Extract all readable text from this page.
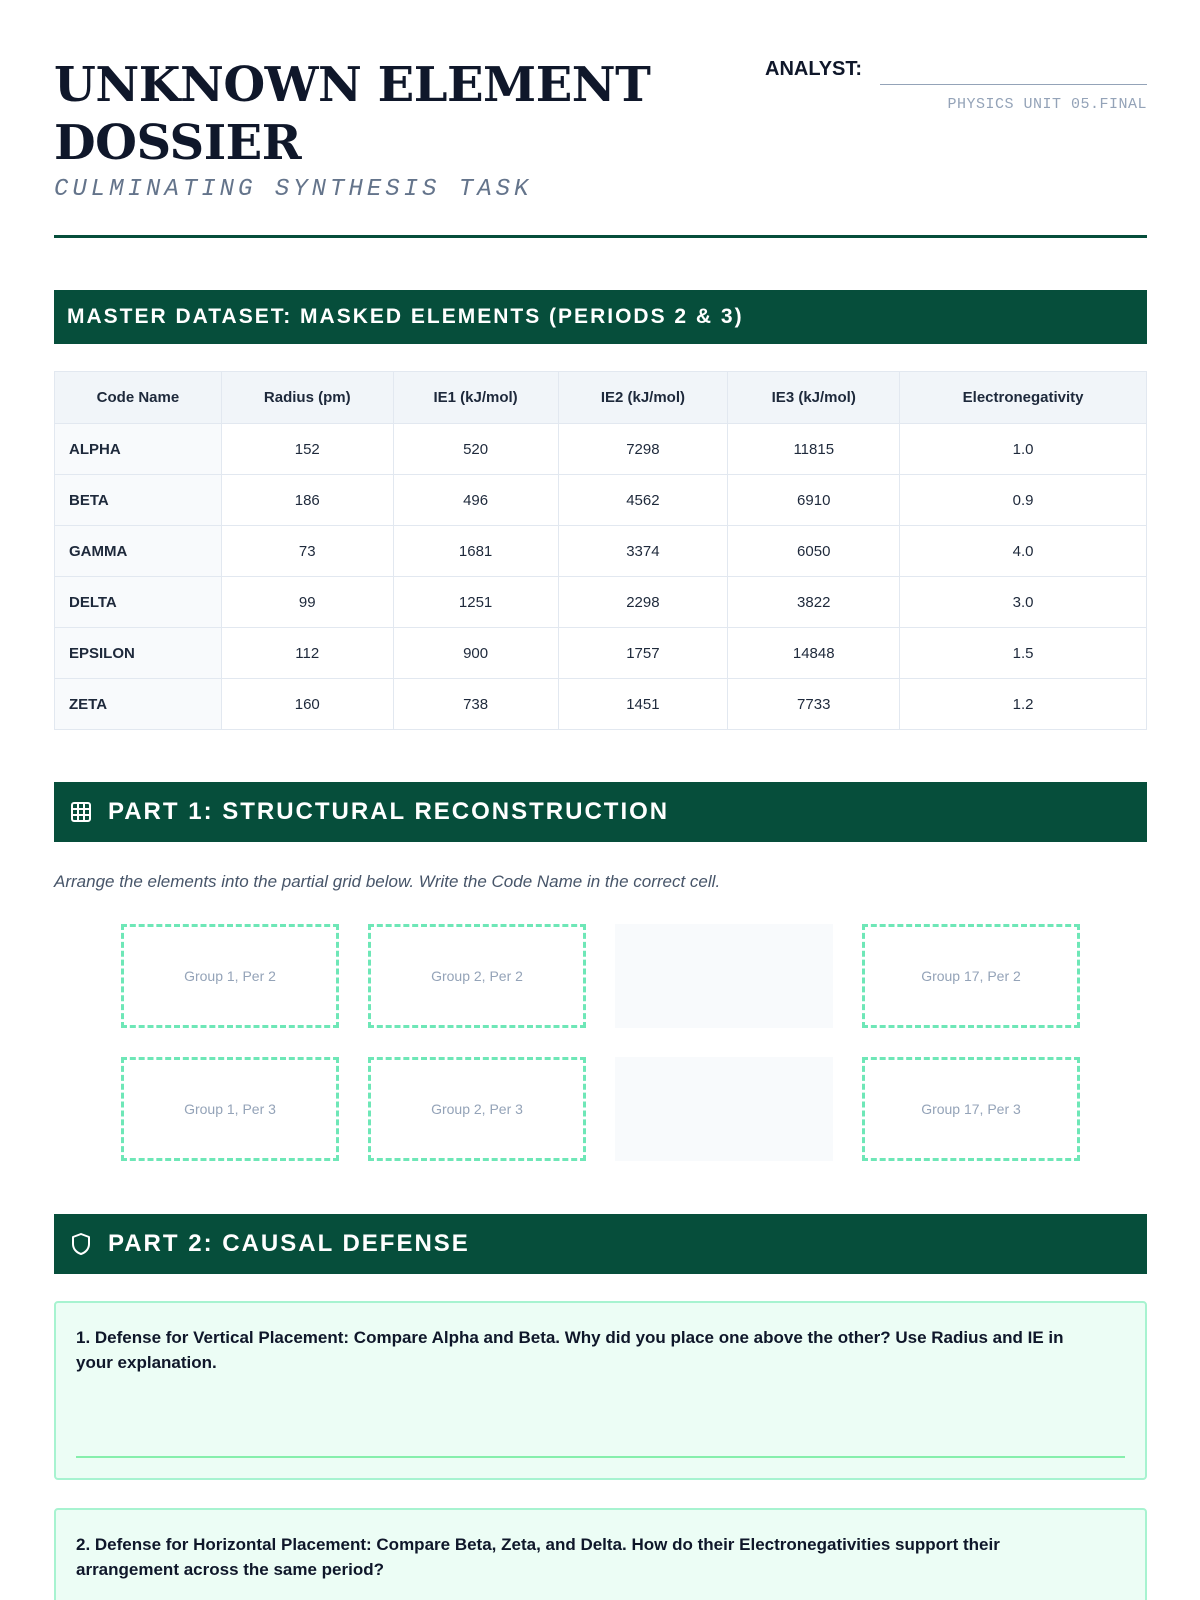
UNKNOWN ELEMENT
DOSSIER
CULMINATING SYNTHESIS TASK
ANALYST:
PHYSICS UNIT 05.FINAL
MASTER DATASET: MASKED ELEMENTS (PERIODS 2 & 3)
Code Name	Radius (pm)	IE1 (kJ/mol)	IE2 (kJ/mol)	IE3 (kJ/mol)	Electronegativity
ALPHA	152	520	7298	11815	1.0
BETA	186	496	4562	6910	0.9
GAMMA	73	1681	3374	6050	4.0
DELTA	99	1251	2298	3822	3.0
EPSILON	112	900	1757	14848	1.5
ZETA	160	738	1451	7733	1.2
PART 1: STRUCTURAL RECONSTRUCTION
Arrange the elements into the partial grid below. Write the Code Name in the correct cell.
Group 1, Per 2	Group 2, Per 2	Group 17, Per 2
Group 1, Per 3	Group 2, Per 3	Group 17, Per 3
PART 2: CAUSAL DEFENSE
1. Defense for Vertical Placement: Compare Alpha and Beta. Why did you place one above the other? Use Radius and IE in your explanation.
2. Defense for Horizontal Placement: Compare Beta, Zeta, and Delta. How do their Electronegativities support their arrangement across the same period?
